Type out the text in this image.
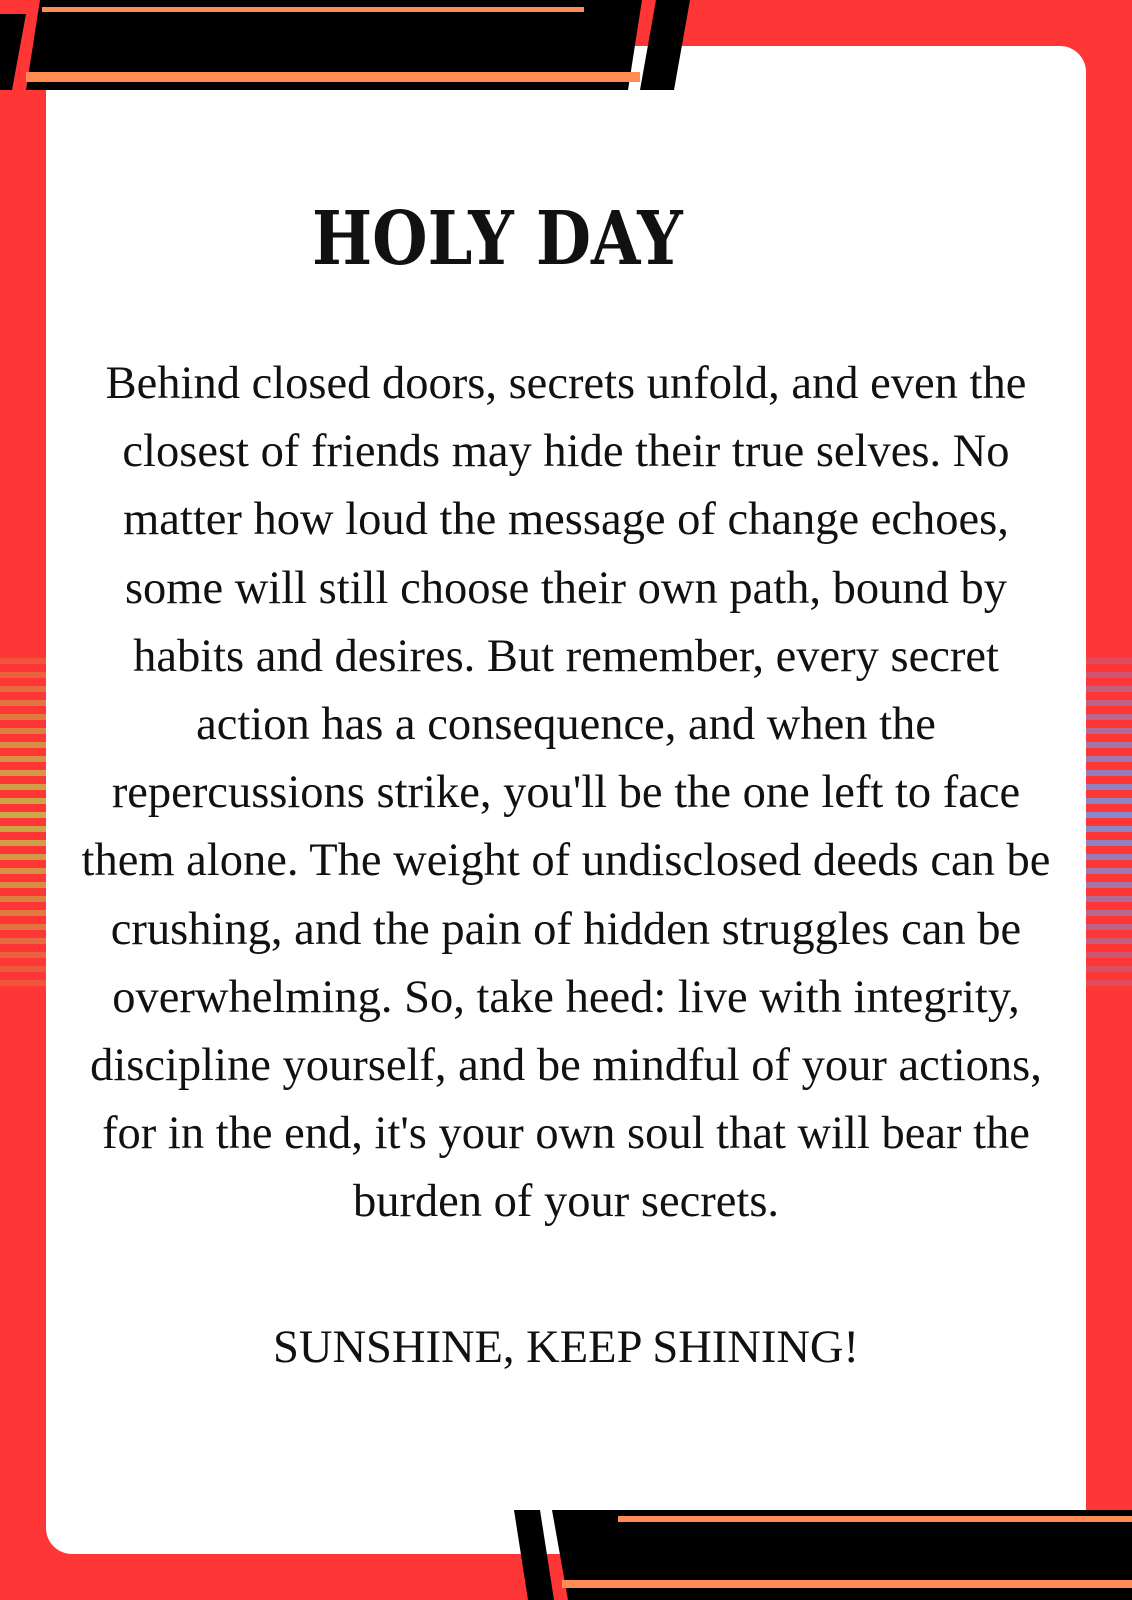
HOLY DAY

Behind closed doors, secrets unfold, and even the closest of friends may hide their true selves. No matter how loud the message of change echoes, some will still choose their own path, bound by habits and desires. But remember, every secret action has a consequence, and when the repercussions strike, you'll be the one left to face them alone. The weight of undisclosed deeds can be crushing, and the pain of hidden struggles can be overwhelming. So, take heed: live with integrity, discipline yourself, and be mindful of your actions, for in the end, it's your own soul that will bear the burden of your secrets.

SUNSHINE, KEEP SHINING!
